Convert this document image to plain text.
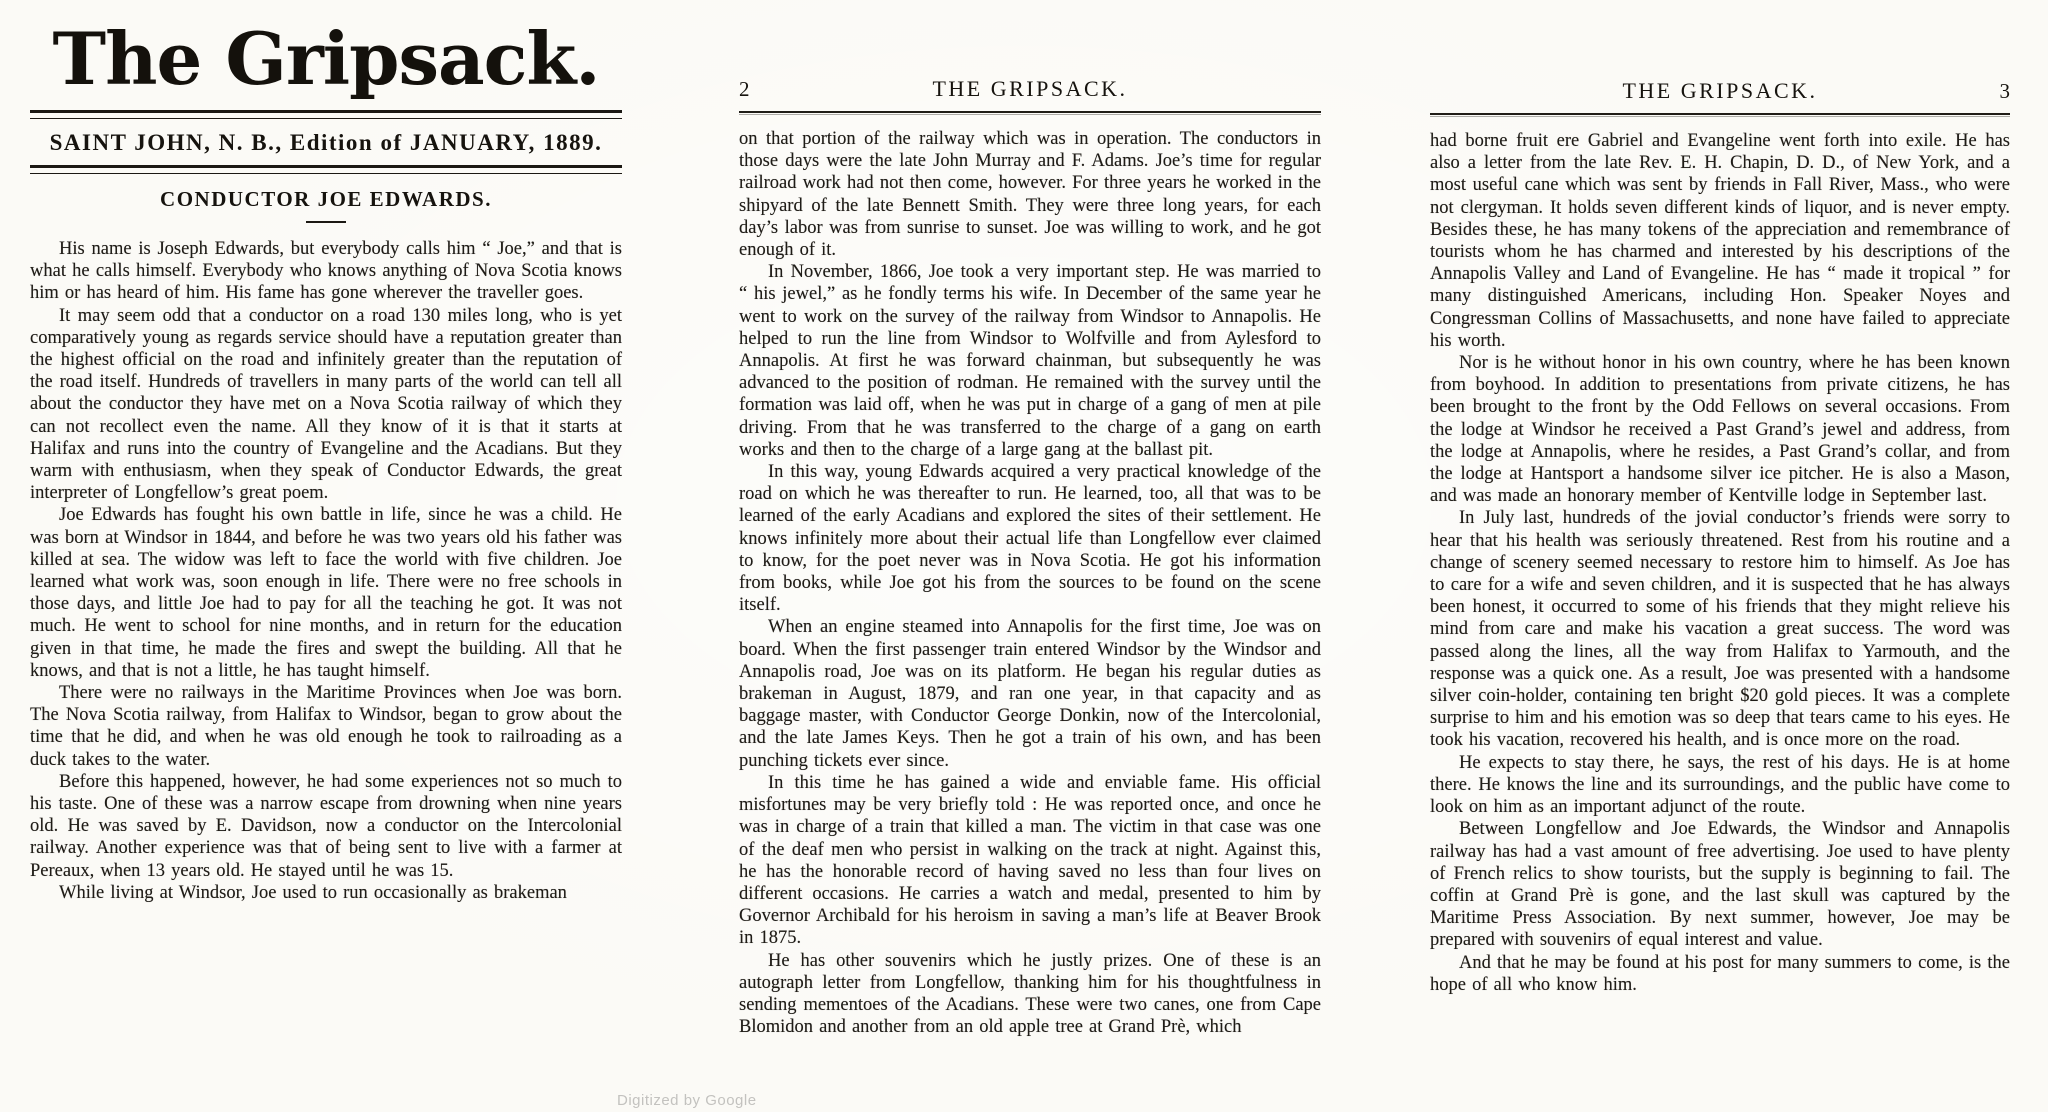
The Gripsack.
SAINT JOHN, N. B., Edition of JANUARY, 1889.
CONDUCTOR JOE EDWARDS.

His name is Joseph Edwards, but everybody calls him “ Joe,” and that is what he calls himself. Everybody who knows anything of Nova Scotia knows him or has heard of him. His fame has gone wherever the traveller goes.

It may seem odd that a conductor on a road 130 miles long, who is yet comparatively young as regards service should have a reputation greater than the highest official on the road and infinitely greater than the reputation of the road itself. Hundreds of travellers in many parts of the world can tell all about the conductor they have met on a Nova Scotia railway of which they can not recollect even the name. All they know of it is that it starts at Halifax and runs into the country of Evangeline and the Acadians. But they warm with enthusiasm, when they speak of Conductor Edwards, the great interpreter of Longfellow’s great poem.

Joe Edwards has fought his own battle in life, since he was a child. He was born at Windsor in 1844, and before he was two years old his father was killed at sea. The widow was left to face the world with five children. Joe learned what work was, soon enough in life. There were no free schools in those days, and little Joe had to pay for all the teaching he got. It was not much. He went to school for nine months, and in return for the education given in that time, he made the fires and swept the building. All that he knows, and that is not a little, he has taught himself.

There were no railways in the Maritime Provinces when Joe was born. The Nova Scotia railway, from Halifax to Windsor, began to grow about the time that he did, and when he was old enough he took to railroading as a duck takes to the water.

Before this happened, however, he had some experiences not so much to his taste. One of these was a narrow escape from drowning when nine years old. He was saved by E. Davidson, now a conductor on the Intercolonial railway. Another experience was that of being sent to live with a farmer at Pereaux, when 13 years old. He stayed until he was 15.

While living at Windsor, Joe used to run occasionally as brakeman

2	THE GRIPSACK.

on that portion of the railway which was in operation. The conductors in those days were the late John Murray and F. Adams. Joe’s time for regular railroad work had not then come, however. For three years he worked in the shipyard of the late Bennett Smith. They were three long years, for each day’s labor was from sunrise to sunset. Joe was willing to work, and he got enough of it.

In November, 1866, Joe took a very important step. He was married to “ his jewel,” as he fondly terms his wife. In December of the same year he went to work on the survey of the railway from Windsor to Annapolis. He helped to run the line from Windsor to Wolfville and from Aylesford to Annapolis. At first he was forward chainman, but subsequently he was advanced to the position of rodman. He remained with the survey until the formation was laid off, when he was put in charge of a gang of men at pile driving. From that he was transferred to the charge of a gang on earth works and then to the charge of a large gang at the ballast pit.

In this way, young Edwards acquired a very practical knowledge of the road on which he was thereafter to run. He learned, too, all that was to be learned of the early Acadians and explored the sites of their settlement. He knows infinitely more about their actual life than Longfellow ever claimed to know, for the poet never was in Nova Scotia. He got his information from books, while Joe got his from the sources to be found on the scene itself.

When an engine steamed into Annapolis for the first time, Joe was on board. When the first passenger train entered Windsor by the Windsor and Annapolis road, Joe was on its platform. He began his regular duties as brakeman in August, 1879, and ran one year, in that capacity and as baggage master, with Conductor George Donkin, now of the Intercolonial, and the late James Keys. Then he got a train of his own, and has been punching tickets ever since.

In this time he has gained a wide and enviable fame. His official misfortunes may be very briefly told : He was reported once, and once he was in charge of a train that killed a man. The victim in that case was one of the deaf men who persist in walking on the track at night. Against this, he has the honorable record of having saved no less than four lives on different occasions. He carries a watch and medal, presented to him by Governor Archibald for his heroism in saving a man’s life at Beaver Brook in 1875.

He has other souvenirs which he justly prizes. One of these is an autograph letter from Longfellow, thanking him for his thoughtfulness in sending mementoes of the Acadians. These were two canes, one from Cape Blomidon and another from an old apple tree at Grand Prè, which

THE GRIPSACK.	3

had borne fruit ere Gabriel and Evangeline went forth into exile. He has also a letter from the late Rev. E. H. Chapin, D. D., of New York, and a most useful cane which was sent by friends in Fall River, Mass., who were not clergyman. It holds seven different kinds of liquor, and is never empty. Besides these, he has many tokens of the appreciation and remembrance of tourists whom he has charmed and interested by his descriptions of the Annapolis Valley and Land of Evangeline. He has “ made it tropical ” for many distinguished Americans, including Hon. Speaker Noyes and Congressman Collins of Massachusetts, and none have failed to appreciate his worth.

Nor is he without honor in his own country, where he has been known from boyhood. In addition to presentations from private citizens, he has been brought to the front by the Odd Fellows on several occasions. From the lodge at Windsor he received a Past Grand’s jewel and address, from the lodge at Annapolis, where he resides, a Past Grand’s collar, and from the lodge at Hantsport a handsome silver ice pitcher. He is also a Mason, and was made an honorary member of Kentville lodge in September last.

In July last, hundreds of the jovial conductor’s friends were sorry to hear that his health was seriously threatened. Rest from his routine and a change of scenery seemed necessary to restore him to himself. As Joe has to care for a wife and seven children, and it is suspected that he has always been honest, it occurred to some of his friends that they might relieve his mind from care and make his vacation a great success. The word was passed along the lines, all the way from Halifax to Yarmouth, and the response was a quick one. As a result, Joe was presented with a handsome silver coin-holder, containing ten bright $20 gold pieces. It was a complete surprise to him and his emotion was so deep that tears came to his eyes. He took his vacation, recovered his health, and is once more on the road.

He expects to stay there, he says, the rest of his days. He is at home there. He knows the line and its surroundings, and the public have come to look on him as an important adjunct of the route.

Between Longfellow and Joe Edwards, the Windsor and Annapolis railway has had a vast amount of free advertising. Joe used to have plenty of French relics to show tourists, but the supply is beginning to fail. The coffin at Grand Prè is gone, and the last skull was captured by the Maritime Press Association. By next summer, however, Joe may be prepared with souvenirs of equal interest and value.

And that he may be found at his post for many summers to come, is the hope of all who know him.

Digitized by Google
